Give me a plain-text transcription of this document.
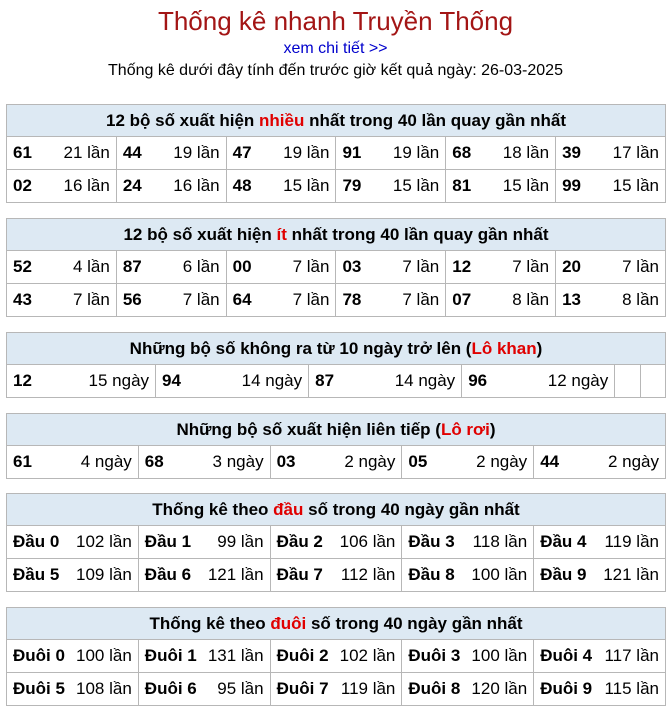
Thống kê nhanh Truyền Thống
xem chi tiết >>
Thống kê dưới đây tính đến trước giờ kết quả ngày: 26-03-2025
12 bộ số xuất hiện nhiều nhất trong 40 lần quay gần nhất					
61 21 lần	44 19 lần	47 19 lần	91 19 lần	68 18 lần	39 17 lần

02 16 lần	24 16 lần	48 15 lần	79 15 lần	81 15 lần	99 15 lần
12 bộ số xuất hiện ít nhất trong 40 lần quay gần nhất					
52 4 lần	87 6 lần	00 7 lần	03 7 lần	12 7 lần	20 7 lần

43 7 lần	56 7 lần	64 7 lần	78 7 lần	07 8 lần	13 8 lần
Những bộ số không ra từ 10 ngày trở lên (Lô khan)
12	15 ngày	94	14 ngày	87	14 ngày	96	12 ngày

Những bộ số xuất hiện liên tiếp (Lô rơi)
61	4 ngày	68	3 ngày	03	2 ngày	05	2 ngày	44	2 ngày
Thống kê theo đầu số trong 40 ngày gần nhất				
Đầu 0 102 lần	Đầu 1 99 lần	Đầu 2 106 lần	Đầu 3 118 lần	Đầu 4 119 lần

Đầu 5 109 lần	Đầu 6 121 lần	Đầu 7 112 lần	Đầu 8 100 lần	Đầu 9 121 lần
Thống kê theo đuôi số trong 40 ngày gần nhất				
Đuôi 0 100 lần	Đuôi 1 131 lần	Đuôi 2 102 lần	Đuôi 3 100 lần	Đuôi 4 117 lần

Đuôi 5 108 lần	Đuôi 6 95 lần	Đuôi 7 119 lần	Đuôi 8 120 lần	Đuôi 9 115 lần
